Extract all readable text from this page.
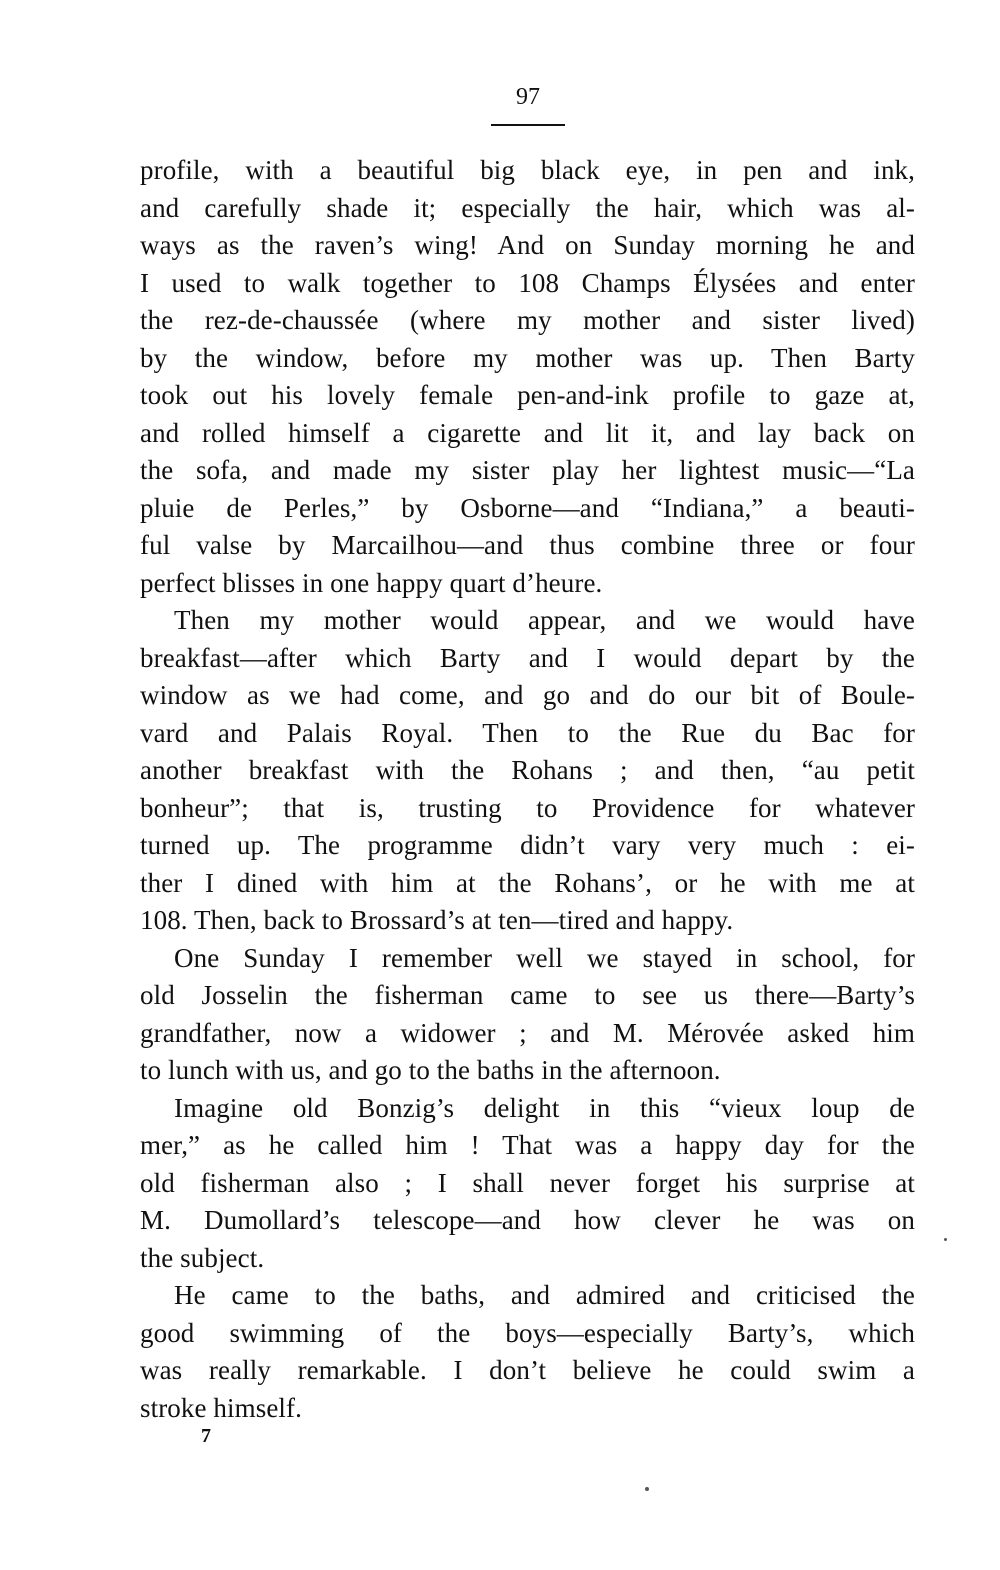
97
profile, with a beautiful big black eye, in pen and ink,
and carefully shade it; especially the hair, which was al-
ways as the raven’s wing! And on Sunday morning he and
I used to walk together to 108 Champs Élysées and enter
the rez-de-chaussée (where my mother and sister lived)
by the window, before my mother was up. Then Barty
took out his lovely female pen-and-ink profile to gaze at,
and rolled himself a cigarette and lit it, and lay back on
the sofa, and made my sister play her lightest music—“La
pluie de Perles,” by Osborne—and “Indiana,” a beauti-
ful valse by Marcailhou—and thus combine three or four
perfect blisses in one happy quart d’heure.
Then my mother would appear, and we would have
breakfast—after which Barty and I would depart by the
window as we had come, and go and do our bit of Boule-
vard and Palais Royal. Then to the Rue du Bac for
another breakfast with the Rohans ; and then, “au petit
bonheur”; that is, trusting to Providence for whatever
turned up. The programme didn’t vary very much : ei-
ther I dined with him at the Rohans’, or he with me at
108. Then, back to Brossard’s at ten—tired and happy.
One Sunday I remember well we stayed in school, for
old Josselin the fisherman came to see us there—Barty’s
grandfather, now a widower ; and M. Mérovée asked him
to lunch with us, and go to the baths in the afternoon.
Imagine old Bonzig’s delight in this “vieux loup de
mer,” as he called him ! That was a happy day for the
old fisherman also ; I shall never forget his surprise at
M. Dumollard’s telescope—and how clever he was on
the subject.
He came to the baths, and admired and criticised the
good swimming of the boys—especially Barty’s, which
was really remarkable. I don’t believe he could swim a
stroke himself.
7
